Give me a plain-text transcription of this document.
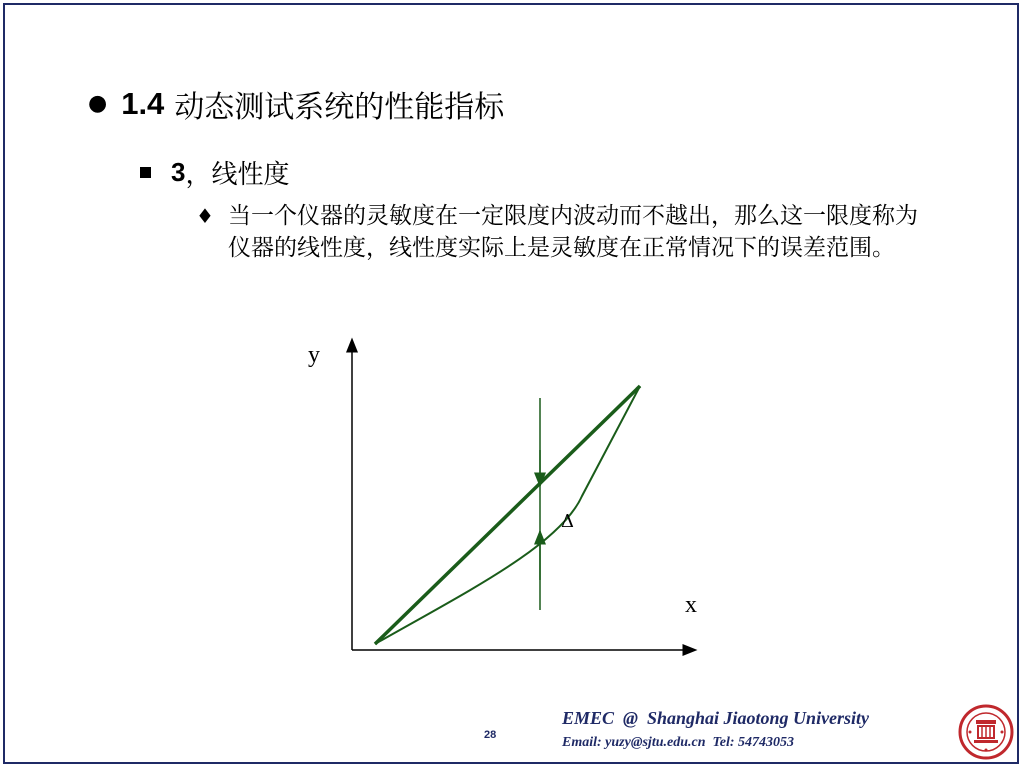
● 1.4 动态测试系统的性能指标
3 ，线性度
♦ 当一个仪器的灵敏度在一定限度内波动而不越出，那么这一限度称为仪器的线性度，线性度实际上是灵敏度在正常情况下的误差范围。
y
x
Δ
EMEC  @  Shanghai Jiaotong University
Email: yuzy@sjtu.edu.cn  Tel: 54743053
28
